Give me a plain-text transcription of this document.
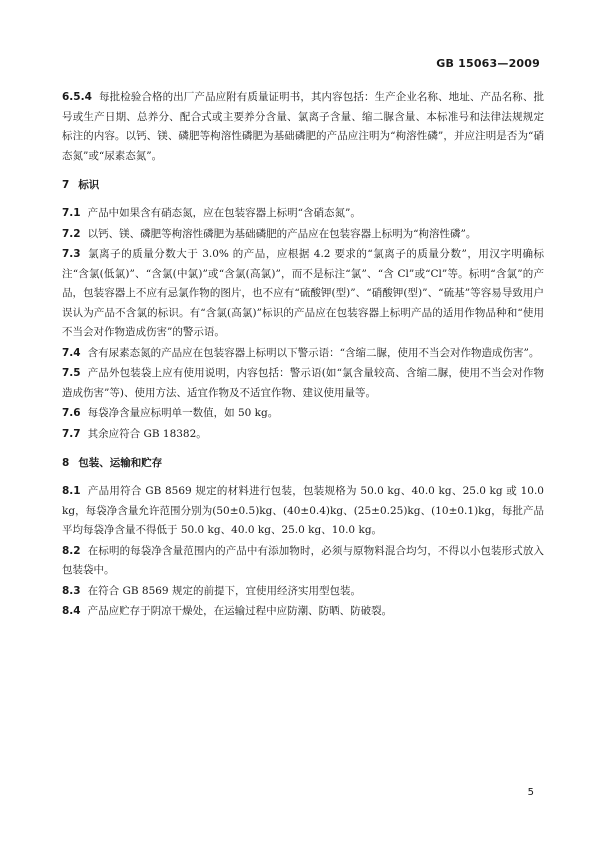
GB 15063—2009

6.5.4 每批检验合格的出厂产品应附有质量证明书，其内容包括：生产企业名称、地址、产品名称、批号或生产日期、总养分、配合式或主要养分含量、氯离子含量、缩二脲含量、本标准号和法律法规规定标注的内容。以钙、镁、磷肥等枸溶性磷肥为基础磷肥的产品应注明为“枸溶性磷”，并应注明是否为“硝态氮”或“尿素态氮”。

7 标识

7.1 产品中如果含有硝态氮，应在包装容器上标明“含硝态氮”。

7.2 以钙、镁、磷肥等枸溶性磷肥为基础磷肥的产品应在包装容器上标明为“枸溶性磷”。

7.3 氯离子的质量分数大于 3.0% 的产品，应根据 4.2 要求的“氯离子的质量分数”，用汉字明确标注“含氯(低氯)”、“含氯(中氯)”或“含氯(高氯)”，而不是标注“氯”、“含 Cl”或“Cl”等。标明“含氯”的产品，包装容器上不应有忌氯作物的图片，也不应有“硫酸钾(型)”、“硝酸钾(型)”、“硫基”等容易导致用户误认为产品不含氯的标识。有“含氯(高氯)”标识的产品应在包装容器上标明产品的适用作物品种和“使用不当会对作物造成伤害”的警示语。

7.4 含有尿素态氮的产品应在包装容器上标明以下警示语：“含缩二脲，使用不当会对作物造成伤害”。

7.5 产品外包装袋上应有使用说明，内容包括：警示语(如“氯含量较高、含缩二脲，使用不当会对作物造成伤害”等)、使用方法、适宜作物及不适宜作物、建议使用量等。

7.6 每袋净含量应标明单一数值，如 50 kg。

7.7 其余应符合 GB 18382。

8 包装、运输和贮存

8.1 产品用符合 GB 8569 规定的材料进行包装，包装规格为 50.0 kg、40.0 kg、25.0 kg 或 10.0 kg，每袋净含量允许范围分别为(50±0.5)kg、(40±0.4)kg、(25±0.25)kg、(10±0.1)kg，每批产品平均每袋净含量不得低于 50.0 kg、40.0 kg、25.0 kg、10.0 kg。

8.2 在标明的每袋净含量范围内的产品中有添加物时，必须与原物料混合均匀，不得以小包装形式放入包装袋中。

8.3 在符合 GB 8569 规定的前提下，宜使用经济实用型包装。

8.4 产品应贮存于阴凉干燥处，在运输过程中应防潮、防晒、防破裂。

5
